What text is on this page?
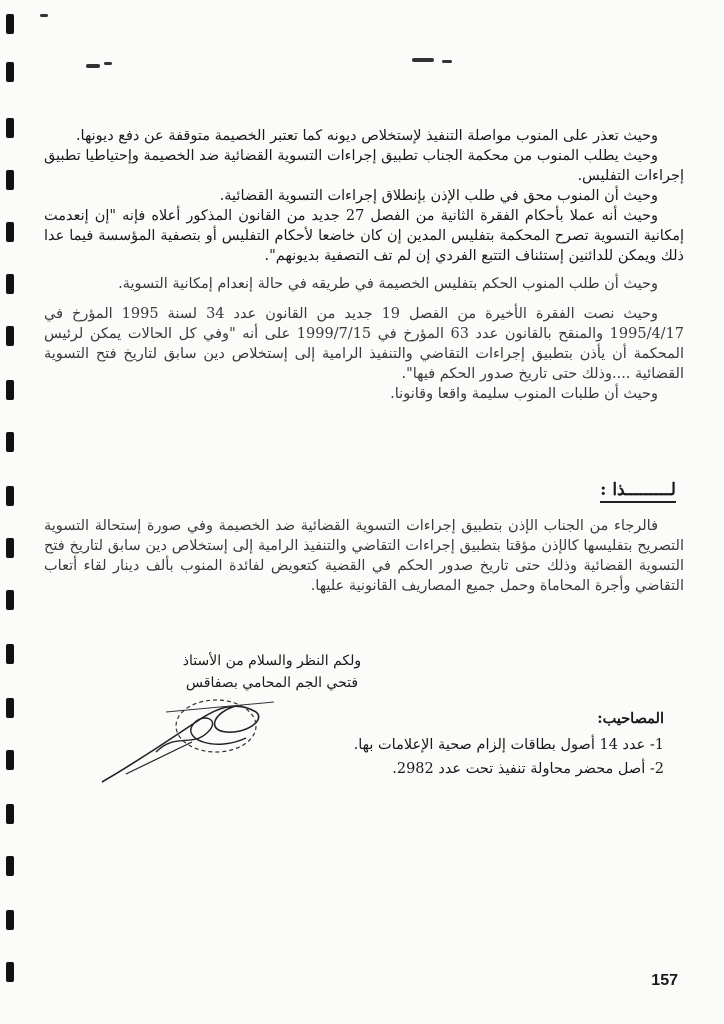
وحيث تعذر على المنوب مواصلة التنفيذ لإستخلاص ديونه كما تعتبر الخصيمة متوقفة عن دفع ديونها.

وحيث يطلب المنوب من محكمة الجناب تطبيق إجراءات التسوية القضائية ضد الخصيمة وإحتياطيا تطبيق إجراءات التفليس.

وحيث أن المنوب محق في طلب الإذن بإنطلاق إجراءات التسوية القضائية.

وحيث أنه عملا بأحكام الفقرة الثانية من الفصل 27 جديد من القانون المذكور أعلاه فإنه "إن إنعدمت إمكانية التسوية تصرح المحكمة بتفليس المدين إن كان خاضعا لأحكام التفليس أو بتصفية المؤسسة فيما عدا ذلك ويمكن للدائنين إستئناف التتبع الفردي إن لم تف التصفية بديونهم".

وحيث أن طلب المنوب الحكم بتفليس الخصيمة في طريقه في حالة إنعدام إمكانية التسوية.

وحيث نصت الفقرة الأخيرة من الفصل 19 جديد من القانون عدد 34 لسنة 1995 المؤرخ في 1995/4/17 والمنقح بالقانون عدد 63 المؤرخ في 1999/7/15 على أنه "وفي كل الحالات يمكن لرئيس المحكمة أن يأذن بتطبيق إجراءات التقاضي والتنفيذ الرامية إلى إستخلاص دين سابق لتاريخ فتح التسوية القضائية ....وذلك حتى تاريخ صدور الحكم فيها".

وحيث أن طلبات المنوب سليمة واقعا وقانونا.

لـــــــــذا :

فالرجاء من الجناب الإذن بتطبيق إجراءات التسوية القضائية ضد الخصيمة وفي صورة إستحالة التسوية التصريح بتفليسها كالإذن مؤقتا بتطبيق إجراءات التقاضي والتنفيذ الرامية إلى إستخلاص دين سابق لتاريخ فتح التسوية القضائية وذلك حتى تاريخ صدور الحكم في القضية كتعويض لفائدة المنوب بألف دينار لقاء أتعاب التقاضي وأجرة المحاماة وحمل جميع المصاريف القانونية عليها.

ولكم النظر والسلام من الأستاذ
فتحي الجم المحامي بصفاقس
المصاحيب:
1- عدد 14 أصول بطاقات إلزام صحية الإعلامات بها.
2- أصل محضر محاولة تنفيذ تحت عدد 2982.
157
